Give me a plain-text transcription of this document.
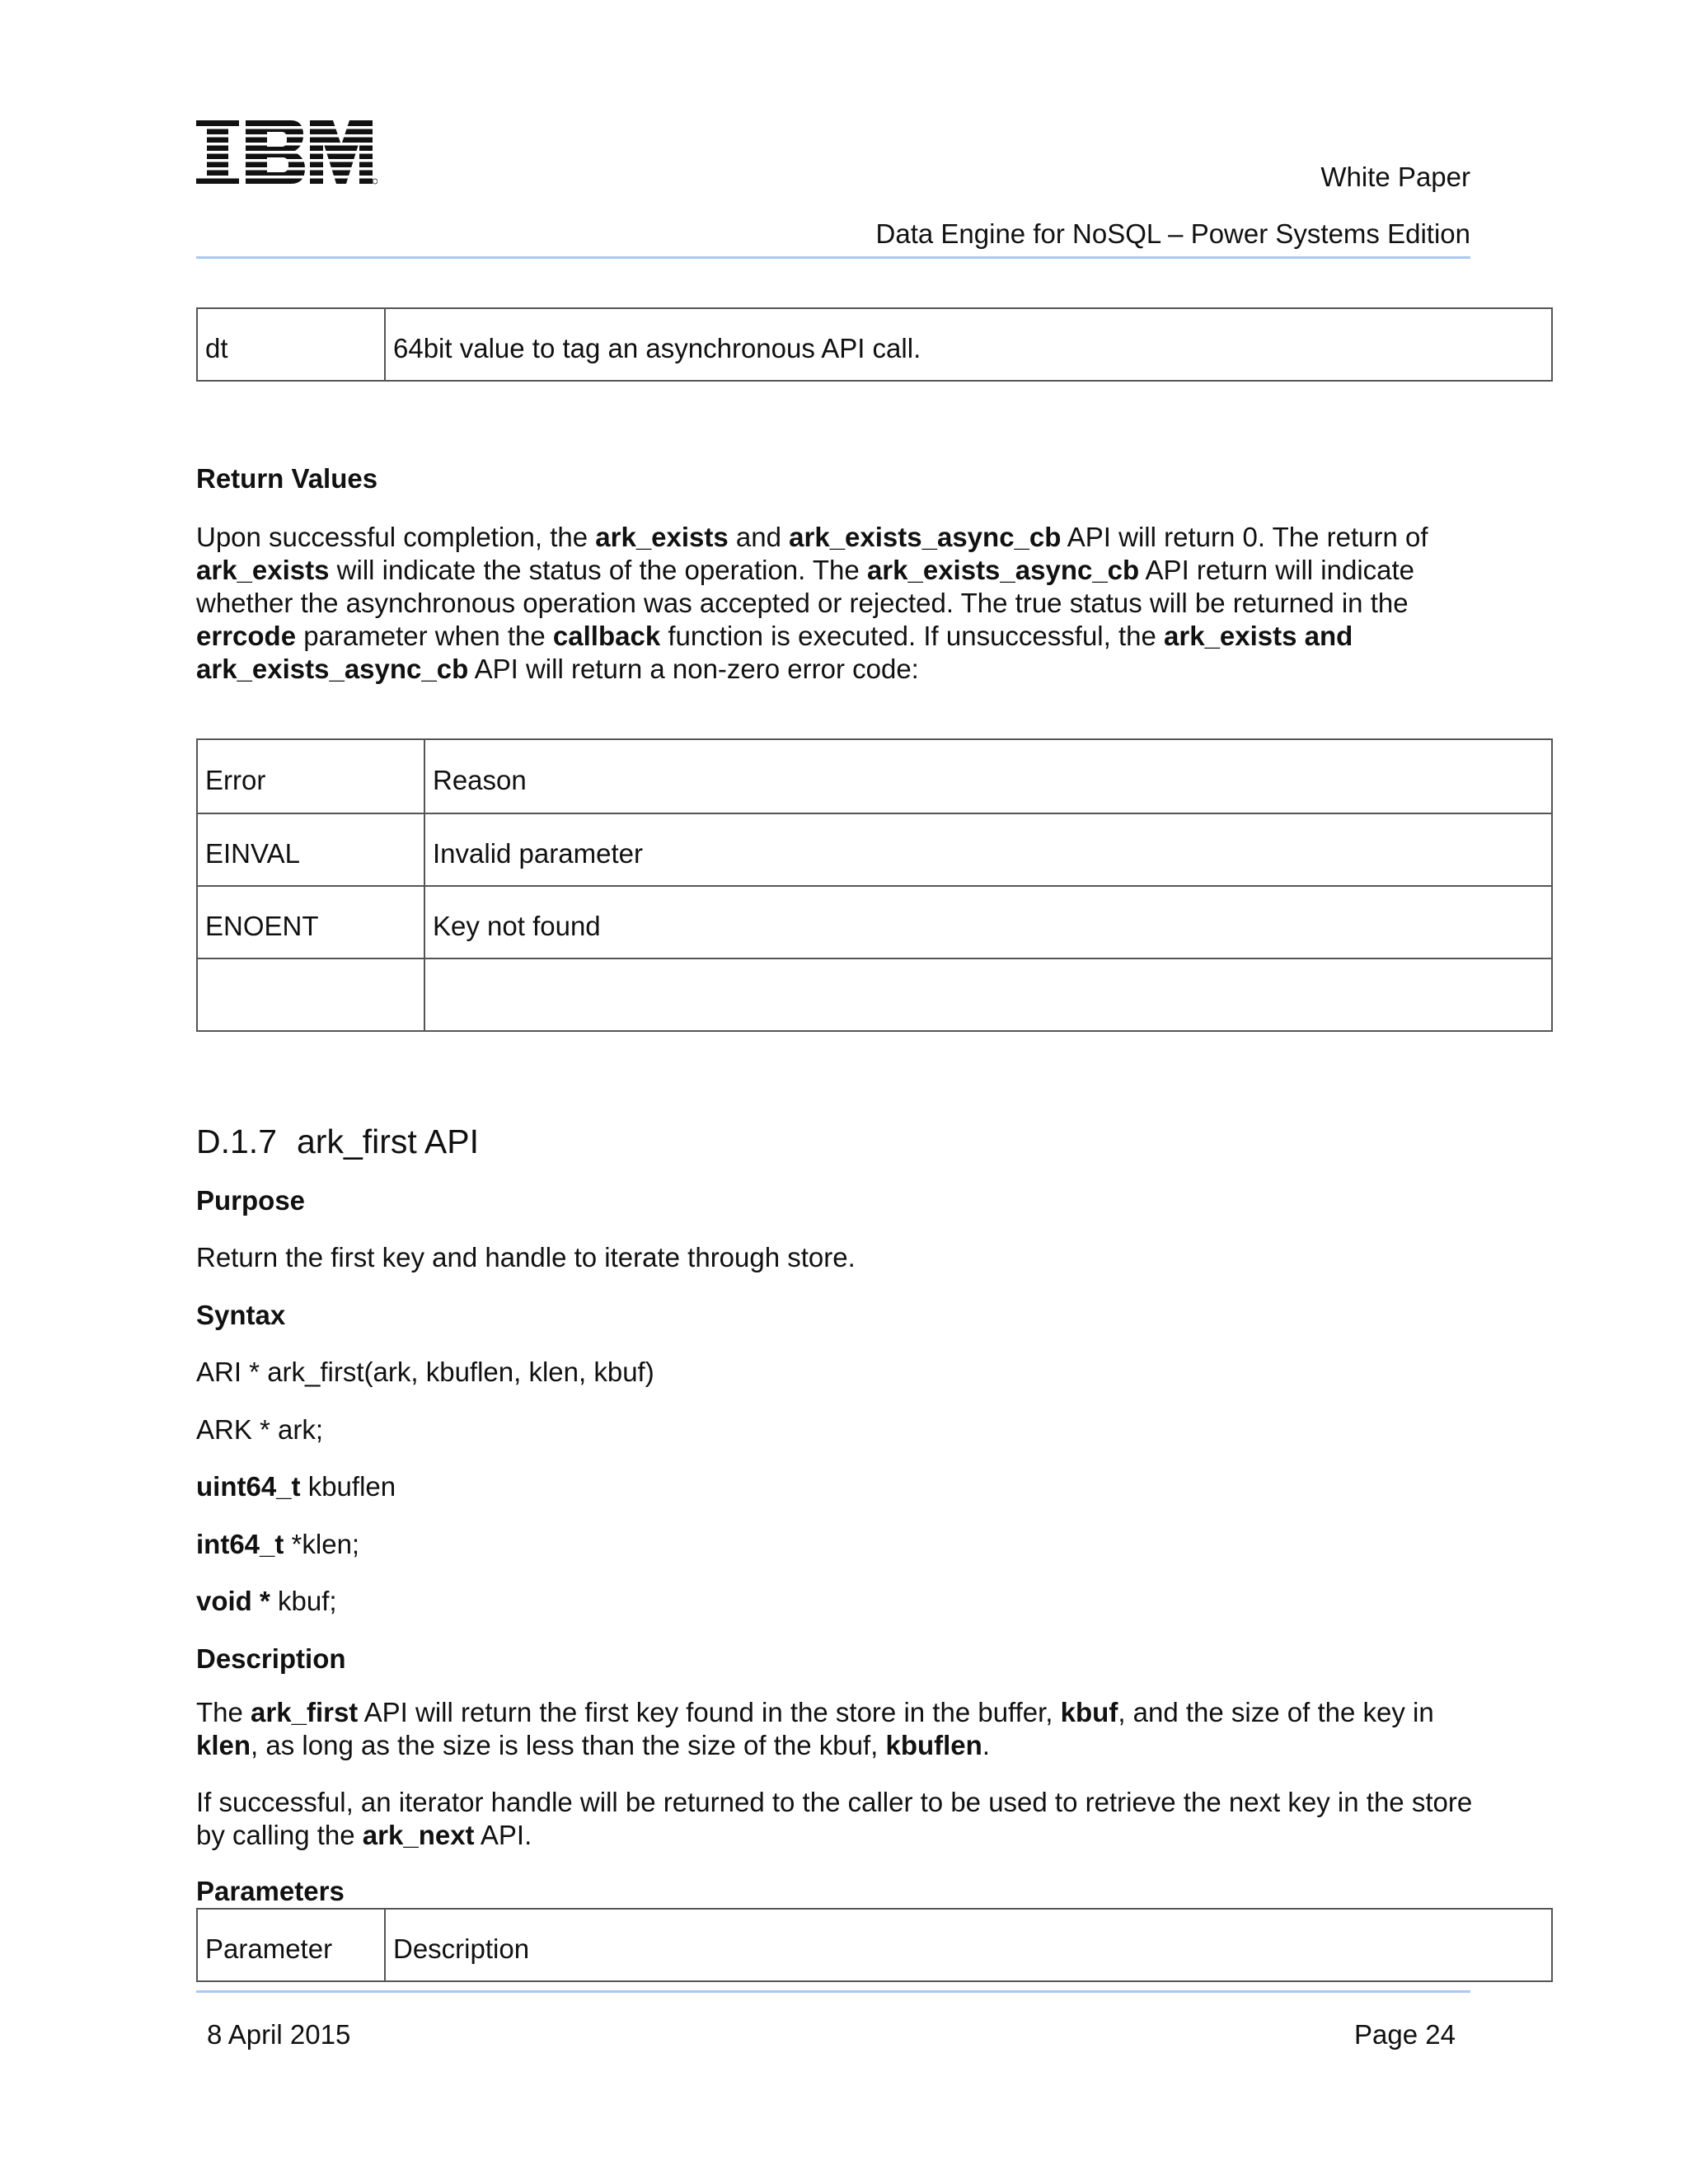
White Paper
Data Engine for NoSQL – Power Systems Edition
dt	64bit value to tag an asynchronous API call.
Return Values

Upon successful completion, the ark_exists and ark_exists_async_cb API will return 0. The return of ark_exists will indicate the status of the operation. The ark_exists_async_cb API return will indicate whether the asynchronous operation was accepted or rejected. The true status will be returned in the errcode parameter when the callback function is executed. If unsuccessful, the ark_exists and ark_exists_async_cb API will return a non-zero error code:

Error	Reason
EINVAL	Invalid parameter
ENOENT	Key not found

D.1.7 ark_first API
Purpose
Return the first key and handle to iterate through store.
Syntax
ARI * ark_first(ark, kbuflen, klen, kbuf)
ARK * ark;
uint64_t kbuflen
int64_t *klen;
void * kbuf;
Description

The ark_first API will return the first key found in the store in the buffer, kbuf, and the size of the key in klen, as long as the size is less than the size of the kbuf, kbuflen.

If successful, an iterator handle will be returned to the caller to be used to retrieve the next key in the store by calling the ark_next API.

Parameters
Parameter	Description
8 April 2015	Page 24
